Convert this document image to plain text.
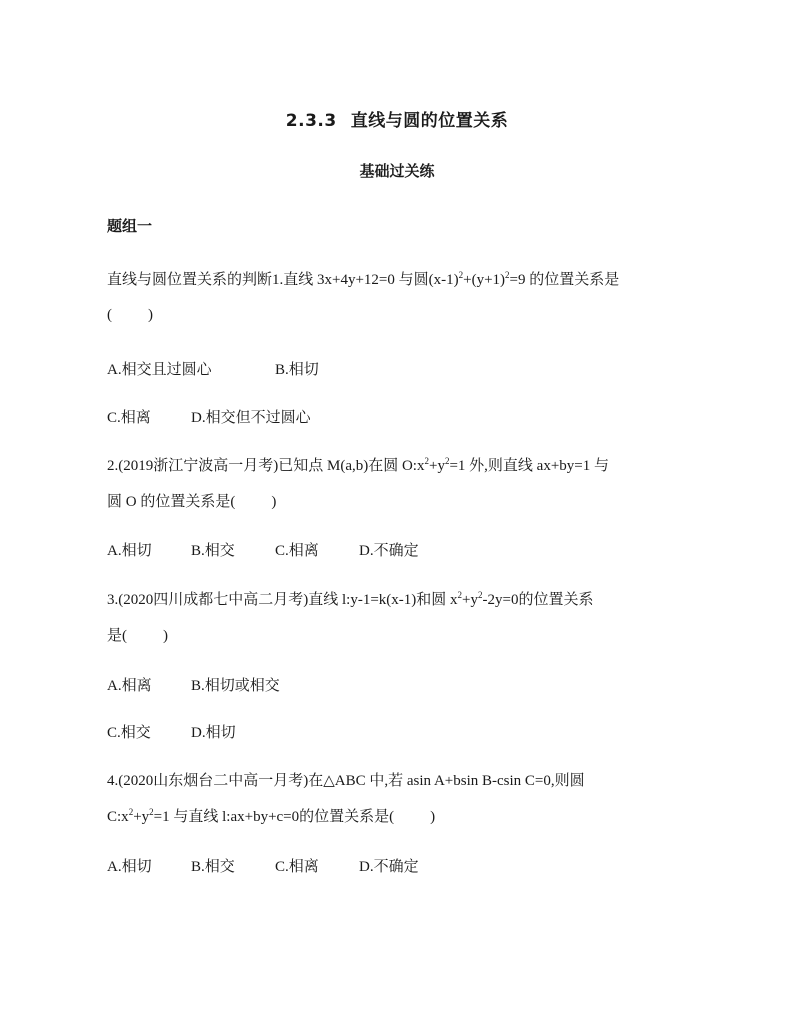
2.3.3 直线与圆的位置关系
基础过关练
题组一
直线与圆位置关系的判断1.直线 3x+4y+12=0 与圆$(x-1)^2+(y+1)^2=9$ 的位置关系是
( )
A.相交且过圆心	B.相切
C.相离	D.相交但不过圆心
2.(2019浙江宁波高一月考)已知点 M(a,b)在圆 $O:x^2+y^2=1$ 外,则直线 ax+by=1 与
圆 O 的位置关系是( )
A.相切	B.相交	C.相离	D.不确定
3.(2020四川成都七中高二月考)直线 l:y-1=k(x-1)和圆 $x^2+y^2-2y=0$的位置关系
是( )
A.相离	B.相切或相交
C.相交	D.相切
4.(2020山东烟台二中高一月考)在△ABC 中,若 asin A+bsin B-csin C=0,则圆
$C:x^2+y^2=1$ 与直线 l:ax+by+c=0的位置关系是( )
A.相切	B.相交	C.相离	D.不确定
